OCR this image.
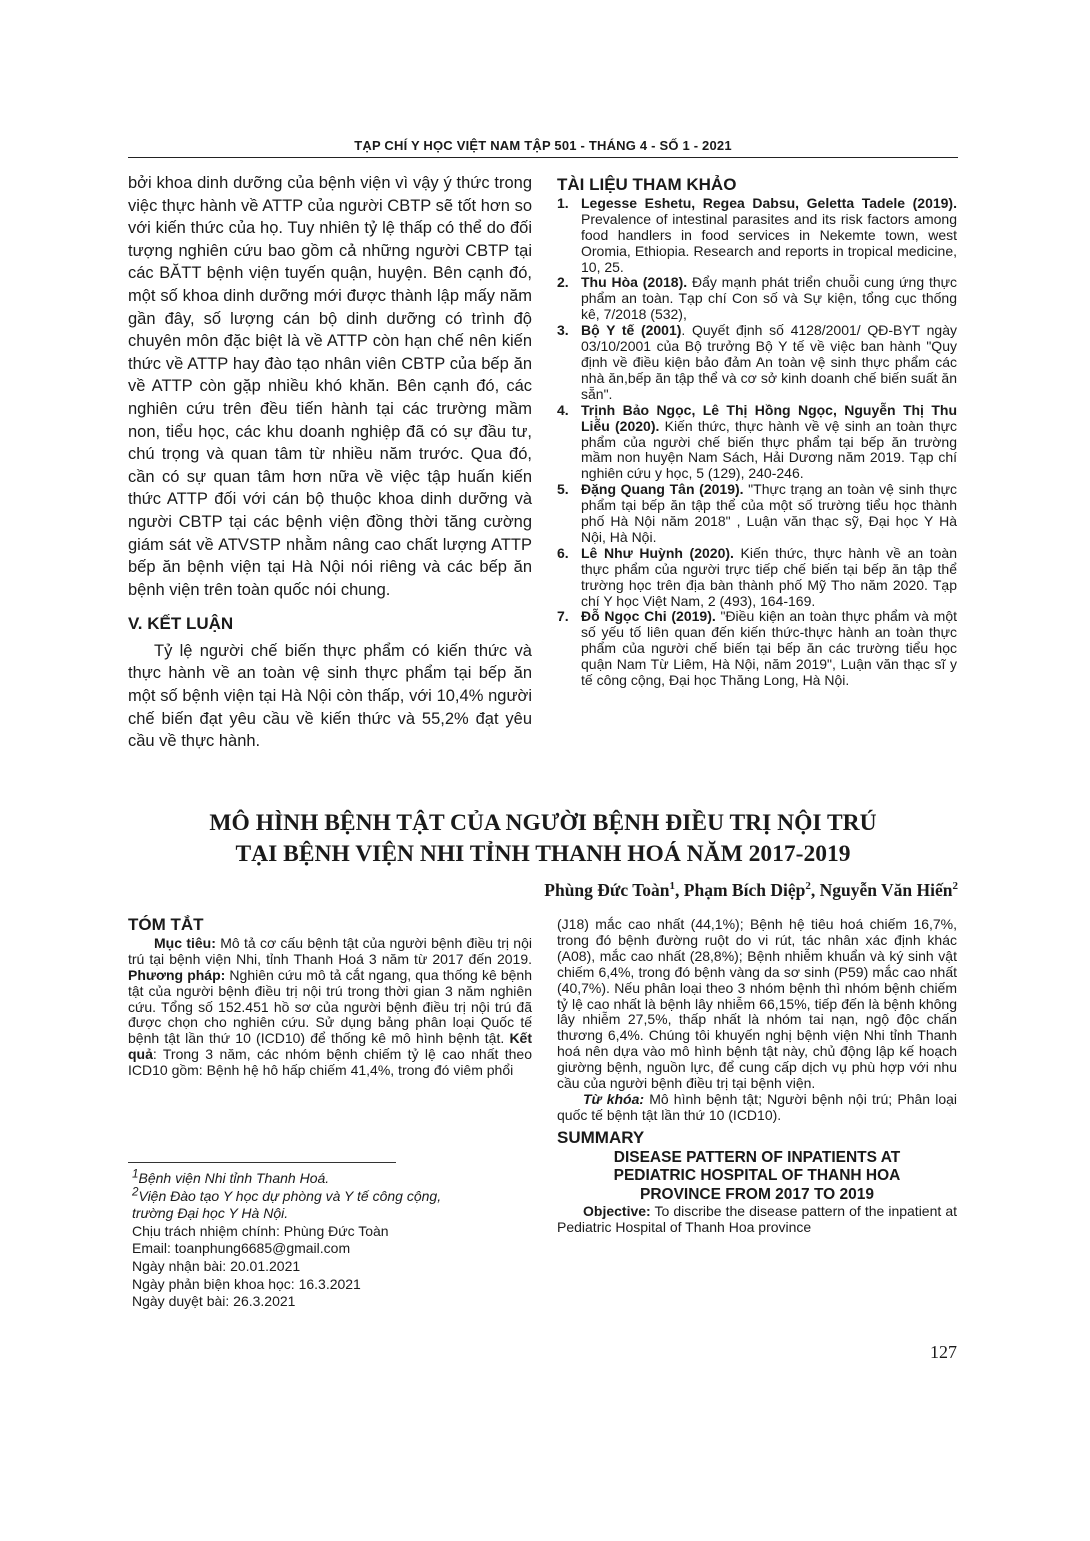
TẠP CHÍ Y HỌC VIỆT NAM TẬP 501 - THÁNG 4 - SỐ 1 - 2021

bởi khoa dinh dưỡng của bệnh viện vì vậy ý thức trong việc thực hành về ATTP của người CBTP sẽ tốt hơn so với kiến thức của họ. Tuy nhiên tỷ lệ thấp có thể do đối tượng nghiên cứu bao gồm cả những người CBTP tại các BĂTT bệnh viện tuyến quận, huyện. Bên cạnh đó, một số khoa dinh dưỡng mới được thành lập mấy năm gần đây, số lượng cán bộ dinh dưỡng có trình độ chuyên môn đặc biệt là về ATTP còn hạn chế nên kiến thức về ATTP hay đào tạo nhân viên CBTP của bếp ăn về ATTP còn gặp nhiều khó khăn. Bên cạnh đó, các nghiên cứu trên đều tiến hành tại các trường mầm non, tiểu học, các khu doanh nghiệp đã có sự đầu tư, chú trọng và quan tâm từ nhiều năm trước. Qua đó, cần có sự quan tâm hơn nữa về việc tập huấn kiến thức ATTP đối với cán bộ thuộc khoa dinh dưỡng và người CBTP tại các bệnh viện đồng thời tăng cường giám sát về ATVSTP nhằm nâng cao chất lượng ATTP bếp ăn bệnh viện tại Hà Nội nói riêng và các bếp ăn bệnh viện trên toàn quốc nói chung.

V. KẾT LUẬN

Tỷ lệ người chế biến thực phẩm có kiến thức và thực hành về an toàn vệ sinh thực phẩm tại bếp ăn một số bệnh viện tại Hà Nội còn thấp, với 10,4% người chế biến đạt yêu cầu về kiến thức và 55,2% đạt yêu cầu về thực hành.

TÀI LIỆU THAM KHẢO
1. Legesse Eshetu, Regea Dabsu, Geletta Tadele (2019). Prevalence of intestinal parasites and its risk factors among food handlers in food services in Nekemte town, west Oromia, Ethiopia. Research and reports in tropical medicine, 10, 25.
2. Thu Hòa (2018). Đẩy mạnh phát triển chuỗi cung ứng thực phẩm an toàn. Tạp chí Con số và Sự kiện, tổng cục thống kê, 7/2018 (532),
3. Bộ Y tế (2001). Quyết định số 4128/2001/ QĐ-BYT ngày 03/10/2001 của Bộ trưởng Bộ Y tế về việc ban hành "Quy định về điều kiện bảo đảm An toàn vệ sinh thực phẩm các nhà ăn,bếp ăn tập thể và cơ sở kinh doanh chế biến suất ăn sẵn".
4. Trịnh Bảo Ngọc, Lê Thị Hồng Ngọc, Nguyễn Thị Thu Liễu (2020). Kiến thức, thực hành về vệ sinh an toàn thực phẩm của người chế biến thực phẩm tại bếp ăn trường mầm non huyện Nam Sách, Hải Dương năm 2019. Tạp chí nghiên cứu y học, 5 (129), 240-246.
5. Đặng Quang Tân (2019). "Thực trạng an toàn vệ sinh thực phẩm tại bếp ăn tập thể của một số trường tiểu học thành phố Hà Nội năm 2018" , Luận văn thạc sỹ, Đại học Y Hà Nội, Hà Nội.
6. Lê Như Huỳnh (2020). Kiến thức, thực hành về an toàn thực phẩm của người trực tiếp chế biến tại bếp ăn tập thể trường học trên địa bàn thành phố Mỹ Tho năm 2020. Tạp chí Y học Việt Nam, 2 (493), 164-169.
7. Đỗ Ngọc Chi (2019). "Điều kiện an toàn thực phẩm và một số yếu tố liên quan đến kiến thức-thực hành an toàn thực phẩm của người chế biến tại bếp ăn các trường tiểu học quận Nam Từ Liêm, Hà Nội, năm 2019", Luận văn thạc sĩ y tế công cộng, Đại học Thăng Long, Hà Nội.
MÔ HÌNH BỆNH TẬT CỦA NGƯỜI BỆNH ĐIỀU TRỊ NỘI TRÚ
TẠI BỆNH VIỆN NHI TỈNH THANH HOÁ NĂM 2017-2019
Phùng Đức Toàn$^1$, Phạm Bích Diệp$^2$, Nguyễn Văn Hiến$^2$
TÓM TẮT

Mục tiêu: Mô tả cơ cấu bệnh tật của người bệnh điều trị nội trú tại bệnh viện Nhi, tỉnh Thanh Hoá 3 năm từ 2017 đến 2019. Phương pháp: Nghiên cứu mô tả cắt ngang, qua thống kê bệnh tật của người bệnh điều trị nội trú trong thời gian 3 năm nghiên cứu. Tổng số 152.451 hồ sơ của người bệnh điều trị nội trú đã được chọn cho nghiên cứu. Sử dụng bảng phân loại Quốc tế bệnh tật lần thứ 10 (ICD10) để thống kê mô hình bệnh tật. Kết quả: Trong 3 năm, các nhóm bệnh chiếm tỷ lệ cao nhất theo ICD10 gồm: Bệnh hệ hô hấp chiếm 41,4%, trong đó viêm phổi

(J18) mắc cao nhất (44,1%); Bệnh hệ tiêu hoá chiếm 16,7%, trong đó bệnh đường ruột do vi rút, tác nhân xác định khác (A08), mắc cao nhất (28,8%); Bệnh nhiễm khuẩn và ký sinh vật chiếm 6,4%, trong đó bệnh vàng da sơ sinh (P59) mắc cao nhất (40,7%). Nếu phân loại theo 3 nhóm bệnh thì nhóm bệnh chiếm tỷ lệ cao nhất là bệnh lây nhiễm 66,15%, tiếp đến là bệnh không lây nhiễm 27,5%, thấp nhất là nhóm tai nạn, ngộ độc chấn thương 6,4%. Chúng tôi khuyến nghị bệnh viện Nhi tỉnh Thanh hoá nên dựa vào mô hình bệnh tật này, chủ động lập kế hoạch giường bệnh, nguồn lực, để cung cấp dịch vụ phù hợp với nhu cầu của người bệnh điều trị tại bệnh viện.

Từ khóa: Mô hình bệnh tật; Người bệnh nội trú; Phân loại quốc tế bệnh tật lần thứ 10 (ICD10).

SUMMARY
DISEASE PATTERN OF INPATIENTS AT
PEDIATRIC HOSPITAL OF THANH HOA
PROVINCE FROM 2017 TO 2019

Objective: To discribe the disease pattern of the inpatient at Pediatric Hospital of Thanh Hoa province

$^1$Bệnh viện Nhi tỉnh Thanh Hoá.
$^2$Viện Đào tạo Y học dự phòng và Y tế công cộng, trường Đại học Y Hà Nội.
Chịu trách nhiệm chính: Phùng Đức Toàn
Email: toanphung6685@gmail.com
Ngày nhận bài: 20.01.2021
Ngày phản biện khoa học: 16.3.2021
Ngày duyệt bài: 26.3.2021
127
